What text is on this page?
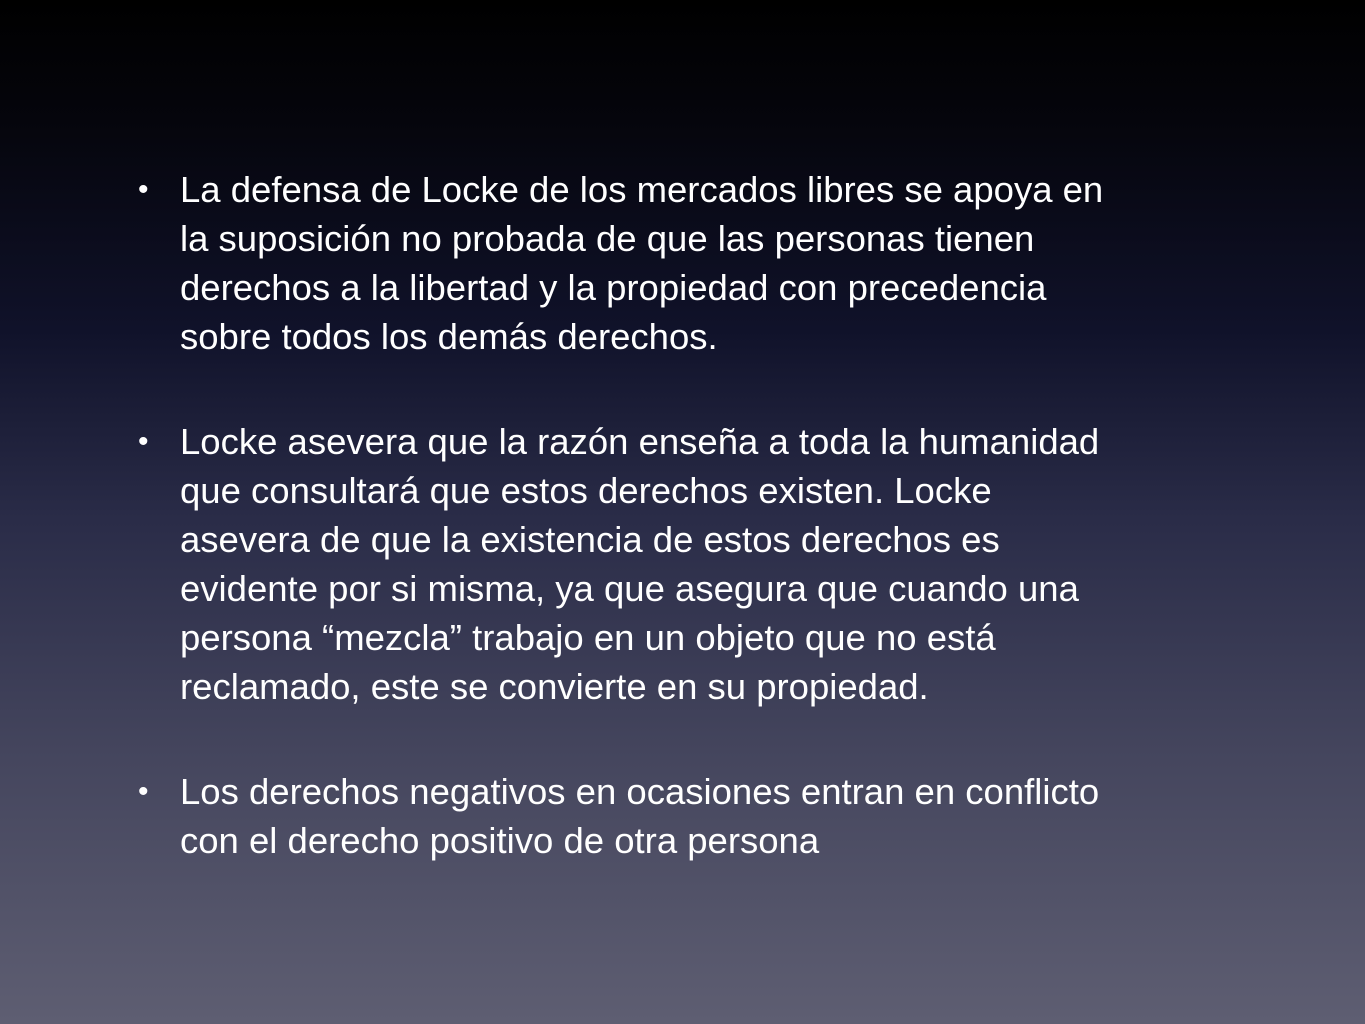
• La defensa de Locke de los mercados libres se apoya en
la suposición no probada de que las personas tienen
derechos a la libertad y la propiedad con precedencia
sobre todos los demás derechos.
• Locke asevera que la razón enseña a toda la humanidad
que consultará que estos derechos existen. Locke
asevera de que la existencia de estos derechos es
evidente por si misma, ya que asegura que cuando una
persona “mezcla” trabajo en un objeto que no está
reclamado, este se convierte en su propiedad.
• Los derechos negativos en ocasiones entran en conflicto
con el derecho positivo de otra persona
